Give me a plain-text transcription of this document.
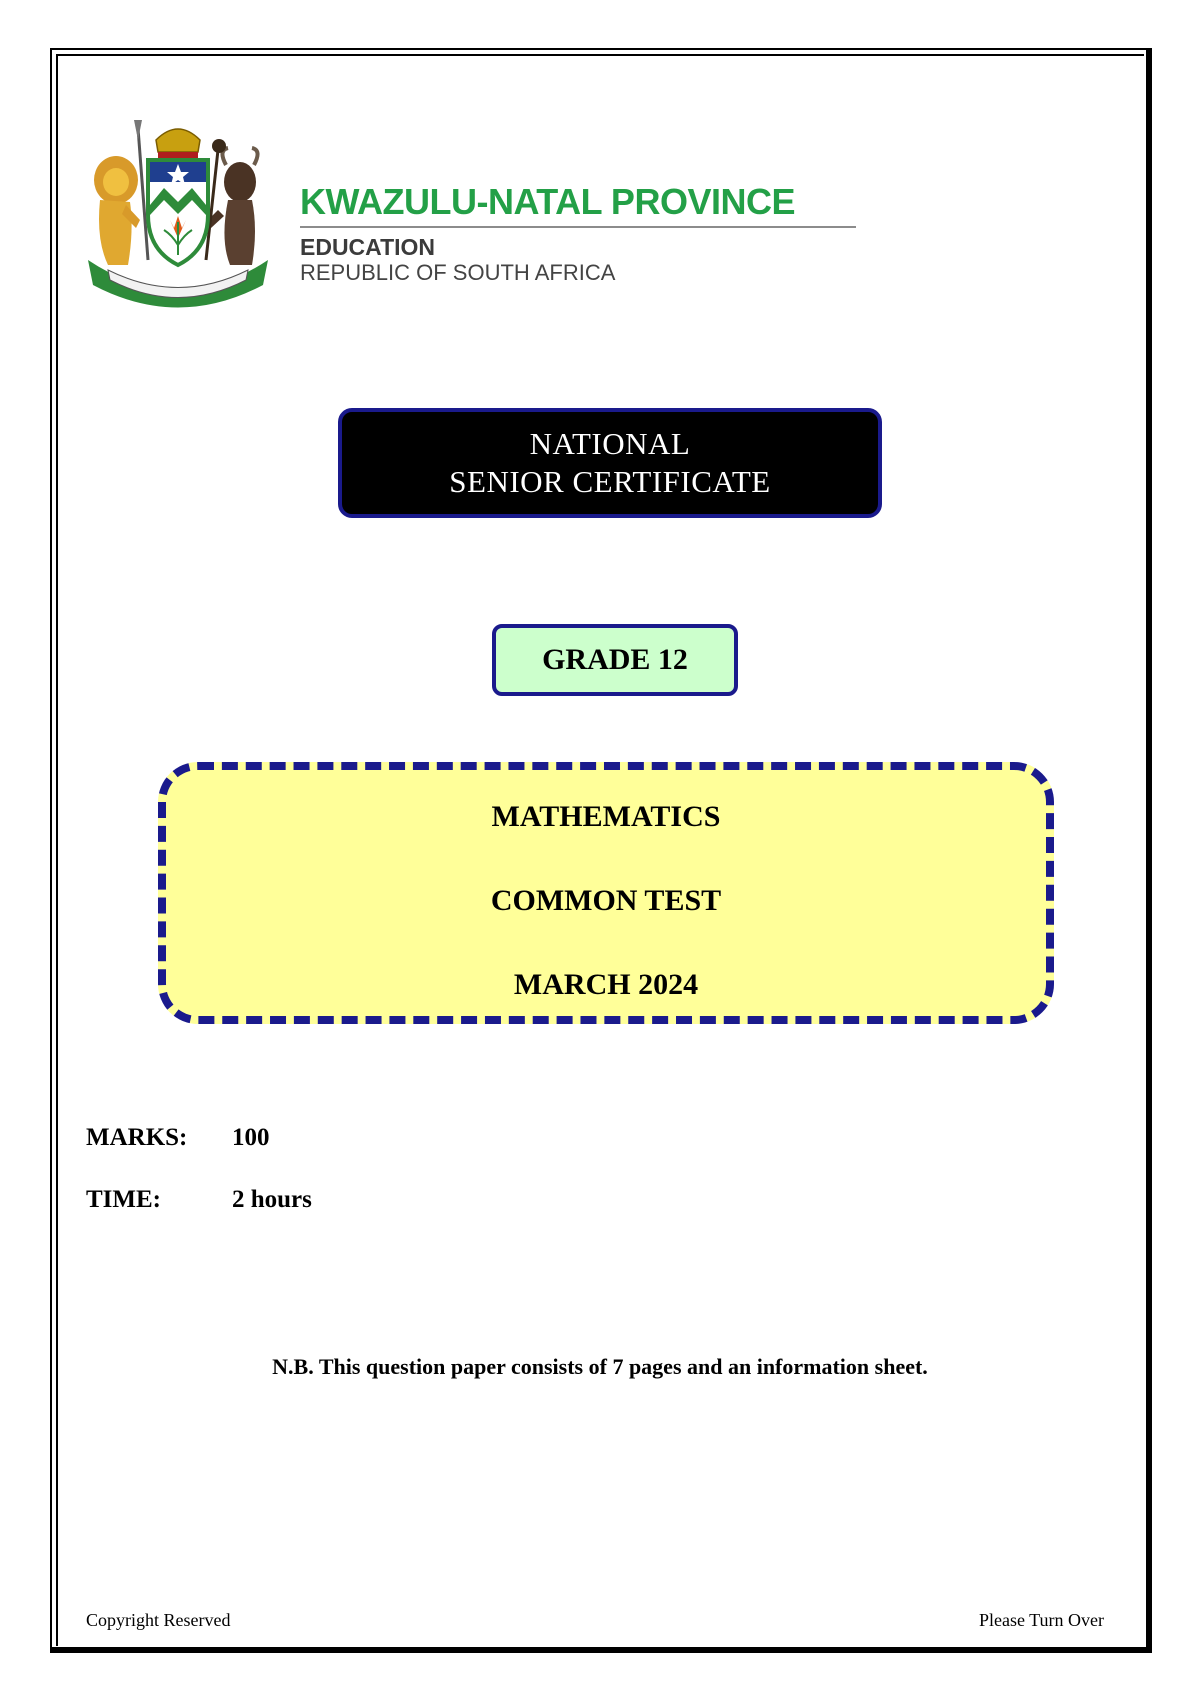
KWAZULU-NATAL PROVINCE
EDUCATION
REPUBLIC OF SOUTH AFRICA
NATIONAL
SENIOR CERTIFICATE
GRADE 12
MATHEMATICS
COMMON TEST
MARCH 2024
MARKS: 100
TIME:	2 hours
N.B. This question paper consists of 7 pages and an information sheet.
Copyright Reserved	Please Turn Over
